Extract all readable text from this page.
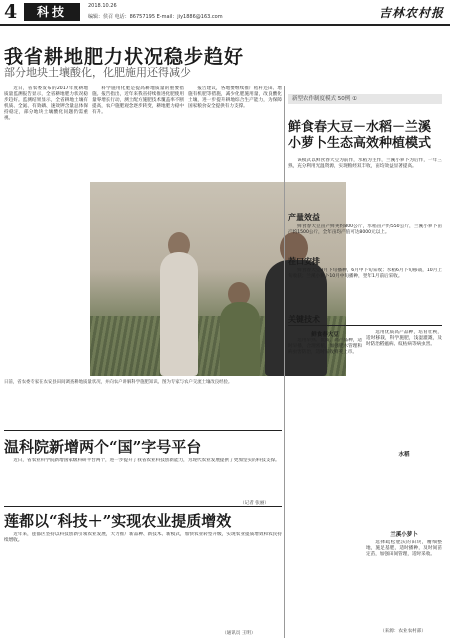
4	科技	2018.10.26
编辑：侯召 电话：86757195 E-mail：jiy1886@163.com	吉林农村报
我省耕地肥力状况稳步趋好
部分地块土壤酸化，化肥施用还得减少

近日，省农委发布的2017年度耕地质量监测报告显示，全省耕地肥力状况稳步趋好。监测结果显示，全省耕地土壤有机质、全氮、有效磷、速效钾含量总体保持稳定，部分地块土壤酸化问题仍需重视。

科学施用化肥是提高耕地质量的重要措施。报告指出，近年来我省持续推进化肥使用量零增长行动，测土配方施肥技术覆盖率不断提高，农户施肥观念逐步转变，耕地肥力稳中有升。

报告建议，各地要继续推广秸秆还田、增施有机肥等措施，减少化肥施用量，改良酸化土壤，进一步提升耕地综合生产能力，为保障国家粮食安全提供有力支撑。

日前，省农委专家在农安县田间调查耕地质量状况，并向农户讲解科学施肥知识。图为专家与农户交流土壤改良经验。
新型农作制度模式 50例 ①
鲜食春大豆－水稻－兰溪小萝卜生态高效种植模式

该模式以鲜食春大豆为前作，水稻为主作，兰溪小萝卜为后作，一年三熟，充分利用光温资源，实现粮经双丰收，亩均效益显著提高。

产量效益

鲜食春大豆亩产鲜荚约800公斤，水稻亩产约550公斤，兰溪小萝卜亩产约1500公斤，全年亩均产值可达8000元以上。

茬口安排

鲜食春大豆3月下旬播种，6月中下旬采收；水稻6月下旬移栽，10月上旬收获；兰溪小萝卜10月中旬播种，翌年1月前后采收。

关键技术
鲜食春大豆

选用早熟、优质、高产品种，适时早播，合理密植，加强肥水管理和病虫害防治，适时采收鲜荚上市。

水稻

选用优质高产品种，培育壮秧，适时移栽，科学施肥，浅湿灌溉，及时防治稻瘟病、纹枯病等病虫害。

兰溪小萝卜

选择疏松肥沃的田块，精细整地，施足基肥，适时播种，及时间苗定苗，加强田间管理，适时采收。

（来源：农业农村部）
温科院新增两个“国”字号平台

近日，省农业科学院新增国家级科研平台两个，进一步提升了我省农业科技创新能力，为现代农业发展提供了更加坚实的科技支撑。

（记者 张丽）
莲都以“科技＋”实现农业提质增效

近年来，莲都区坚持以科技创新引领农业发展，大力推广新品种、新技术、新模式，加快农业转型升级，实现农业提质增效和农民持续增收。

（通讯员 王明）
